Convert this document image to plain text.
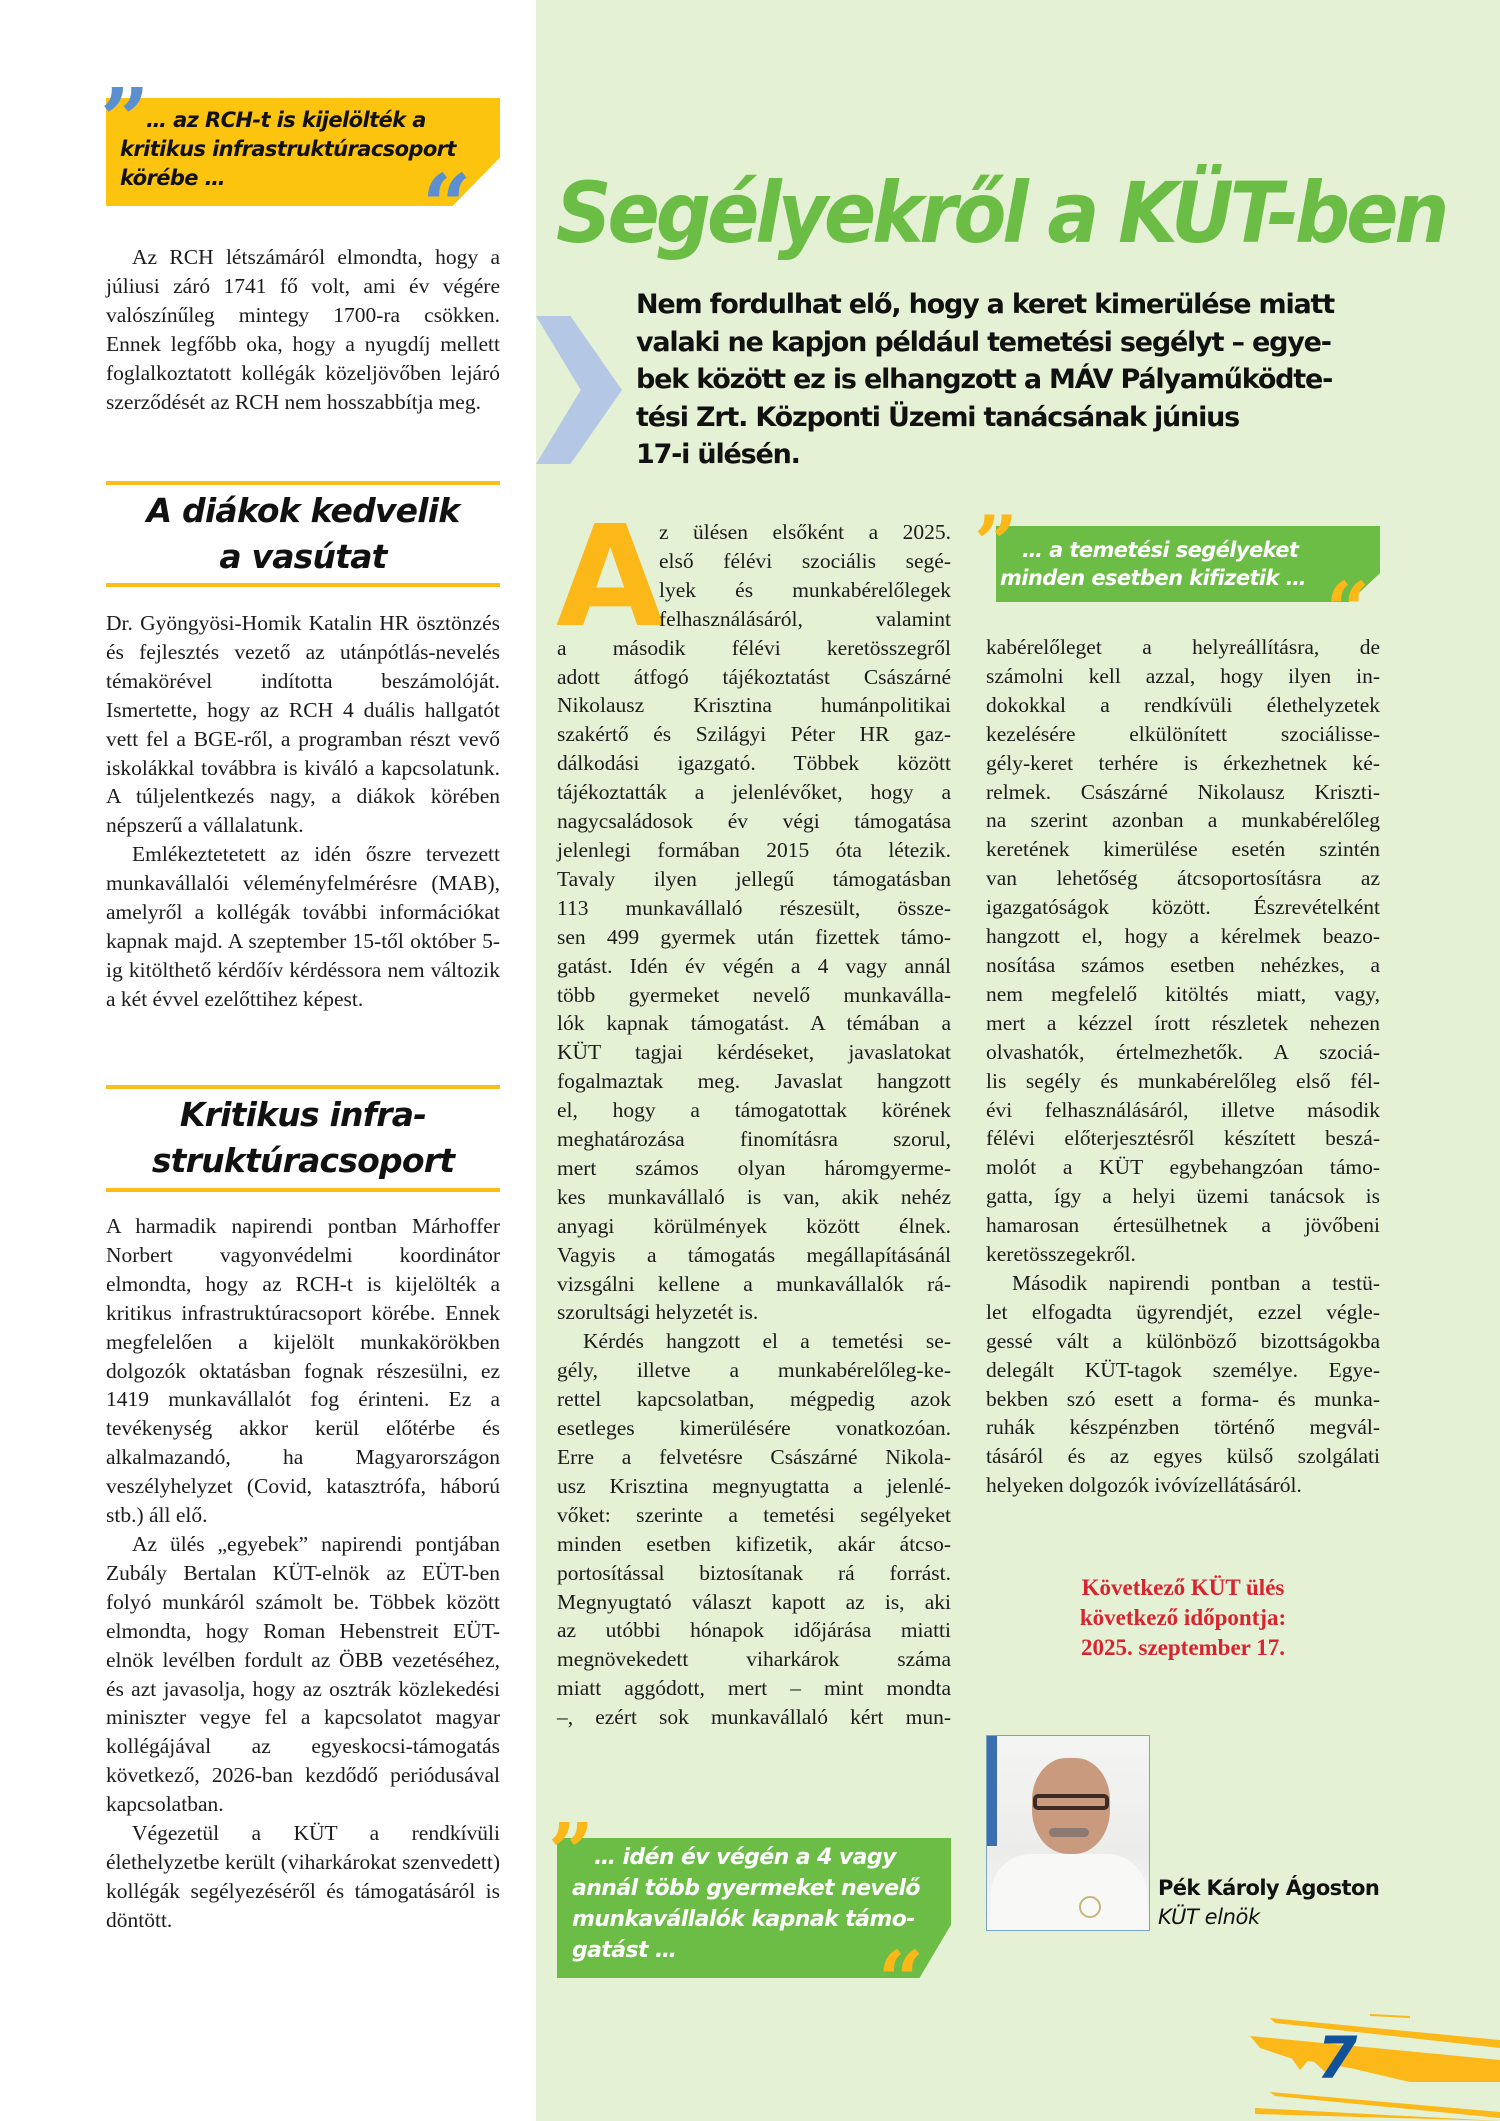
”
“
… az RCH-t is kijelölték a
kritikus infrastruktúracsoport
körébe …

Az RCH létszámáról elmondta, hogy a júliusi záró 1741 fő volt, ami év végére valószínűleg mintegy 1700-ra csökken. Ennek legfőbb oka, hogy a nyugdíj mellett foglalkoztatott kollégák közeljövőben lejáró szerződését az RCH nem hosszabbítja meg.

A diákok kedvelik
a vasútat

Dr. Gyöngyösi-Homik Katalin HR ösztönzés és fejlesztés vezető az utánpótlás-nevelés témakörével indította beszámolóját. Ismertette, hogy az RCH 4 duális hallgatót vett fel a BGE-ről, a programban részt vevő iskolákkal továbbra is kiváló a kapcsolatunk. A túljelentkezés nagy, a diákok körében népszerű a vállalatunk.

Emlékeztetetett az idén őszre tervezett munkavállalói véleményfelmérésre (MAB), amelyről a kollégák további információkat kapnak majd. A szeptember 15-től október 5-ig kitölthető kérdőív kérdéssora nem változik a két évvel ezelőttihez képest.

Kritikus infra-
struktúracsoport

A harmadik napirendi pontban Márhoffer Norbert vagyonvédelmi koordinátor elmondta, hogy az RCH-t is kijelölték a kritikus infrastruktúracsoport körébe. Ennek megfelelően a kijelölt munkakörökben dolgozók oktatásban fognak részesülni, ez 1419 munkavállalót fog érinteni. Ez a tevékenység akkor kerül előtérbe és alkalmazandó, ha Magyarországon veszélyhelyzet (Covid, katasztrófa, háború stb.) áll elő.

Az ülés „egyebek” napirendi pontjában Zubály Bertalan KÜT-elnök az EÜT-ben folyó munkáról számolt be. Többek között elmondta, hogy Roman Hebenstreit EÜT-elnök levélben fordult az ÖBB vezetéséhez, és azt javasolja, hogy az osztrák közlekedési miniszter vegye fel a kapcsolatot magyar kollégájával az egyeskocsi-támogatás következő, 2026-ban kezdődő periódusával kapcsolatban.

Végezetül a KÜT a rendkívüli élethelyzetbe került (viharkárokat szenvedett) kollégák segélyezéséről és támogatásáról is döntött.

Segélyekről a KÜT-ben
Nem fordulhat elő, hogy a keret kimerülése miatt
valaki ne kapjon például temetési segélyt – egye-
bek között ez is elhangzott a MÁV Pályaműködte-
tési Zrt. Központi Üzemi tanácsának június
17-i ülésén.
A
z ülésen elsőként a 2025.
első félévi szociális segé-
lyek és munkabérelőlegek
felhasználásáról, valamint
a második félévi keretösszegről
adott átfogó tájékoztatást Császárné
Nikolausz Krisztina humánpolitikai
szakértő és Szilágyi Péter HR gaz-
dálkodási igazgató. Többek között
tájékoztatták a jelenlévőket, hogy a
nagycsaládosok év végi támogatása
jelenlegi formában 2015 óta létezik.
Tavaly ilyen jellegű támogatásban
113 munkavállaló részesült, össze-
sen 499 gyermek után fizettek támo-
gatást. Idén év végén a 4 vagy annál
több gyermeket nevelő munkavállа-
lók kapnak támogatást. A témában a
KÜT tagjai kérdéseket, javaslatokat
fogalmaztak meg. Javaslat hangzott
el, hogy a támogatottak körének
meghatározása finomításra szorul,
mert számos olyan háromgyerme-
kes munkavállaló is van, akik nehéz
anyagi körülmények között élnek.
Vagyis a támogatás megállapításánál
vizsgálni kellene a munkavállalók rá-
szorultsági helyzetét is.
Kérdés hangzott el a temetési se-
gély, illetve a munkabérelőleg-ke-
rettel kapcsolatban, mégpedig azok
esetleges kimerülésére vonatkozóan.
Erre a felvetésre Császárné Nikola-
usz Krisztina megnyugtatta a jelenlé-
vőket: szerinte a temetési segélyeket
minden esetben kifizetik, akár átcso-
portosítással biztosítanak rá forrást.
Megnyugtató választ kapott az is, aki
az utóbbi hónapok időjárása miatti
megnövekedett viharkárok száma
miatt aggódott, mert – mint mondta
–, ezért sok munkavállaló kért mun-
kabérelőleget a helyreállításra, de
számolni kell azzal, hogy ilyen in-
dokokkal a rendkívüli élethelyzetek
kezelésére elkülönített szociálisse-
gély-keret terhére is érkezhetnek ké-
relmek. Császárné Nikolausz Kriszti-
na szerint azonban a munkabérelőleg
keretének kimerülése esetén szintén
van lehetőség átcsoportosításra az
igazgatóságok között. Észrevételként
hangzott el, hogy a kérelmek beazo-
nosítása számos esetben nehézkes, a
nem megfelelő kitöltés miatt, vagy,
mert a kézzel írott részletek nehezen
olvashatók, értelmezhetők. A szociá-
lis segély és munkabérelőleg első fél-
évi felhasználásáról, illetve második
félévi előterjesztésről készített beszá-
molót a KÜT egybehangzóan támo-
gatta, így a helyi üzemi tanácsok is
hamarosan értesülhetnek a jövőbeni
keretösszegekről.
Második napirendi pontban a testü-
let elfogadta ügyrendjét, ezzel végle-
gessé vált a különböző bizottságokba
delegált KÜT-tagok személye. Egye-
bekben szó esett a forma- és munka-
ruhák készpénzben történő megvál-
tásáról és az egyes külső szolgálati
helyeken dolgozók ivóvízellátásáról.
”
“
… a temetési segélyeket
minden esetben kifizetik …
”
“
… idén év végén a 4 vagy
annál több gyermeket nevelő
munkavállalók kapnak támo-
gatást …
Következő KÜT ülés
következő időpontja:
2025. szeptember 17.
Pék Károly Ágoston
KÜT elnök
7
